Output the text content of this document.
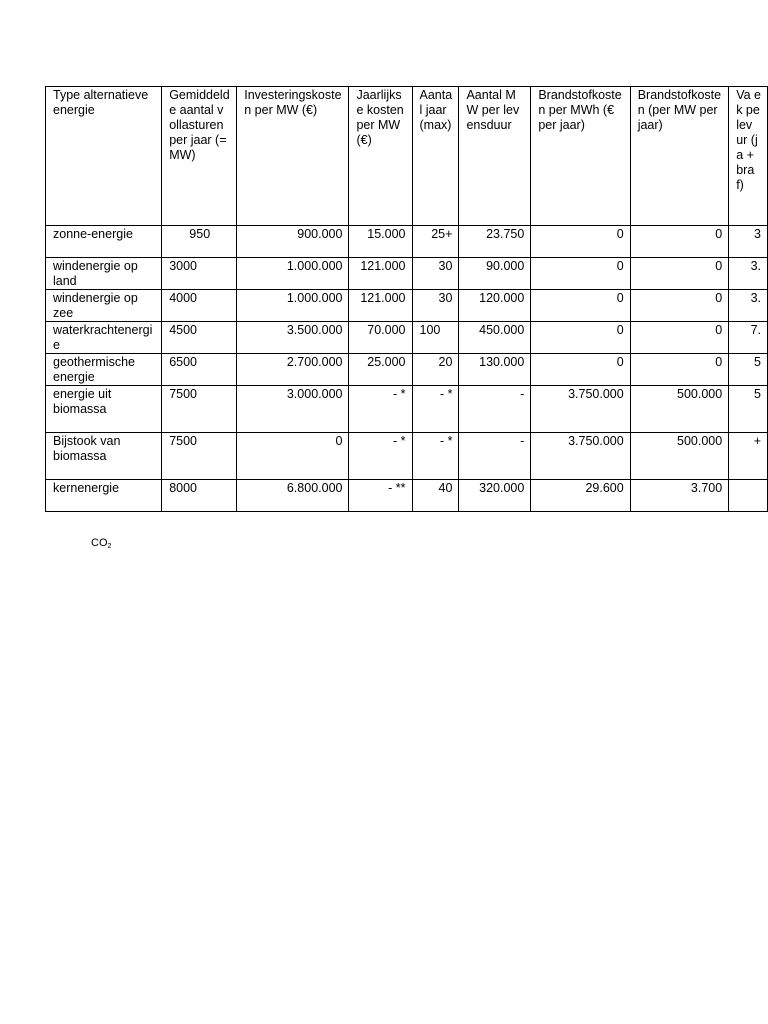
Type alternatieve energie	Gemiddelde aantal vollasturen per jaar (=MW)	Investeringskosten per MW (€)	Jaarlijkse kosten per MW (€)	Aantal jaar (max)	Aantal MW per levensduur	Brandstofkosten per MWh (€ per jaar)	Brandstofkosten (per MW per jaar)	Va e k pe lev ur (ja + bra f)
zonne-energie	950	900.000	15.000	25+	23.750	0	0	3
windenergie op land	3000	1.000.000	121.000	30	90.000	0	0	3.
windenergie op zee	4000	1.000.000	121.000	30	120.000	0	0	3.
waterkrachtenergie	4500	3.500.000	70.000	100	450.000	0	0	7.
geothermische energie	6500	2.700.000	25.000	20	130.000	0	0	5
energie uit biomassa	7500	3.000.000	- *	- *	-	3.750.000	500.000	5
Bijstook van biomassa	7500	0	- *	- *	-	3.750.000	500.000	+
kernenergie	8000	6.800.000	- **	40	320.000	29.600	3.700	
$CO_2$
